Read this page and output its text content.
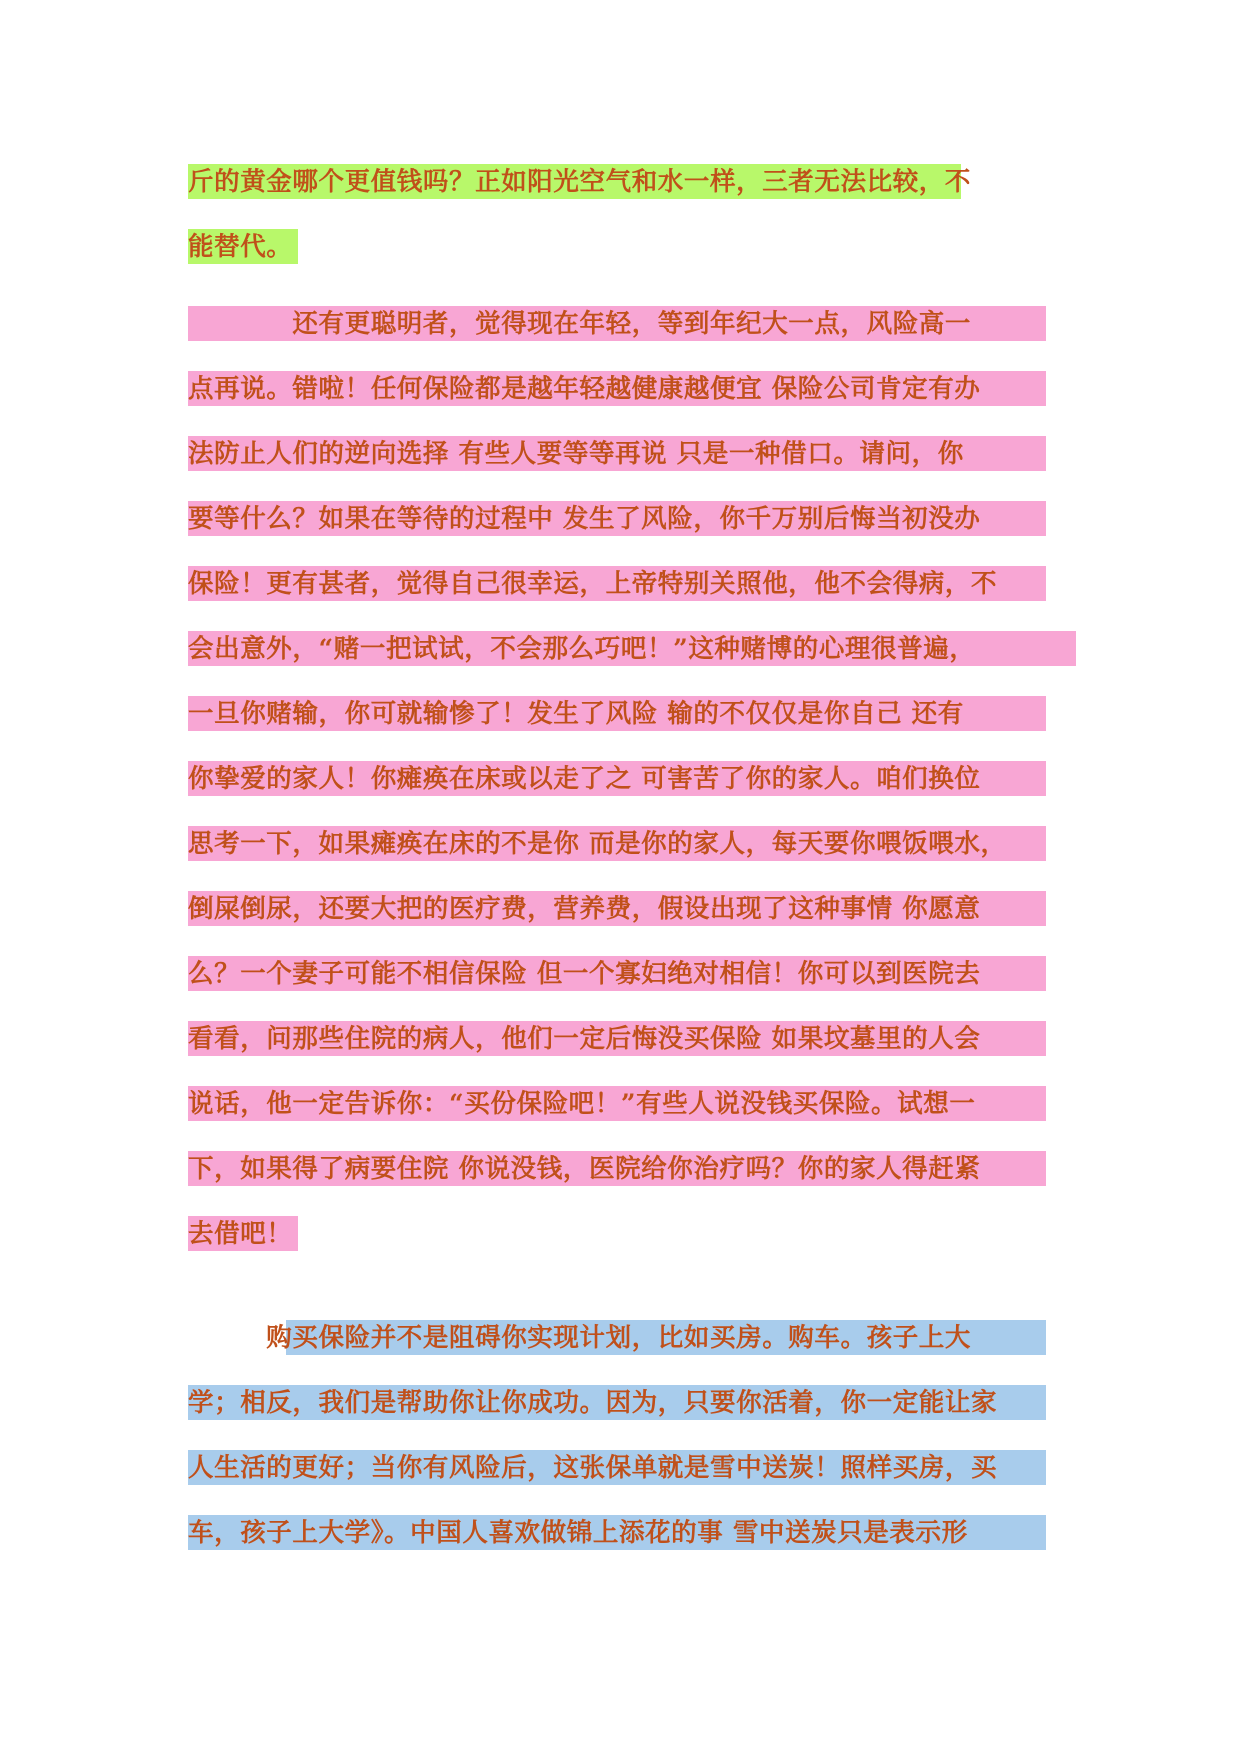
斤的黄金哪个更值钱吗？正如阳光空气和水一样，三者无法比较，不
能替代。
　　　　还有更聪明者，觉得现在年轻，等到年纪大一点，风险高一
点再说。错啦！任何保险都是越年轻越健康越便宜 保险公司肯定有办
法防止人们的逆向选择 有些人要等等再说 只是一种借口。请问，你
要等什么？如果在等待的过程中 发生了风险，你千万别后悔当初没办
保险！更有甚者，觉得自己很幸运，上帝特别关照他，他不会得病，不
会出意外，“赌一把试试，不会那么巧吧！”这种赌博的心理很普遍，
一旦你赌输，你可就输惨了！发生了风险 输的不仅仅是你自己 还有
你挚爱的家人！你瘫痪在床或以走了之 可害苦了你的家人。咱们换位
思考一下，如果瘫痪在床的不是你 而是你的家人，每天要你喂饭喂水，
倒屎倒尿，还要大把的医疗费，营养费，假设出现了这种事情 你愿意
么？一个妻子可能不相信保险 但一个寡妇绝对相信！你可以到医院去
看看，问那些住院的病人，他们一定后悔没买保险 如果坟墓里的人会
说话，他一定告诉你：“买份保险吧！”有些人说没钱买保险。试想一
下，如果得了病要住院 你说没钱，医院给你治疗吗？你的家人得赶紧
去借吧！
　　　购买保险并不是阻碍你实现计划，比如买房。购车。孩子上大
学；相反，我们是帮助你让你成功。因为，只要你活着，你一定能让家
人生活的更好；当你有风险后，这张保单就是雪中送炭！照样买房，买
车，孩子上大学》。中国人喜欢做锦上添花的事 雪中送炭只是表示形
